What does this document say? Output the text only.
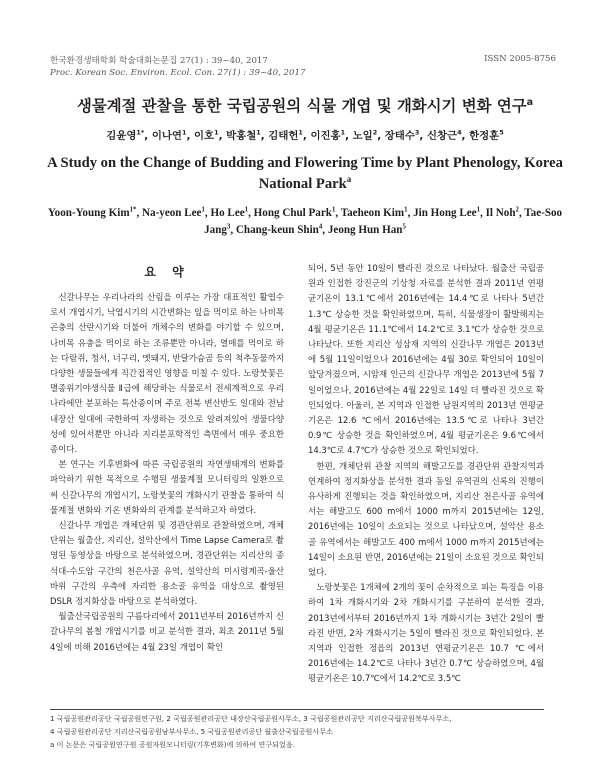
한국환경생태학회 학술대회논문집 27(1) : 39~40, 2017
Proc. Korean Soc. Environ. Ecol. Con. 27(1) : 39~40, 2017
ISSN 2005-8756
생물계절 관찰을 통한 국립공원의 식물 개엽 및 개화시기 변화 연구$^a$
김윤영$^{1*}$, 이나연$^1$, 이호$^1$, 박홍철$^1$, 김태헌$^1$, 이진홍$^1$, 노일$^2$, 장태수$^3$, 신창근$^4$, 한정훈$^5$
A Study on the Change of Budding and Flowering Time by Plant Phenology, Korea National Park$^a$
Yoon-Young Kim$^{1*}$, Na-yeon Lee$^1$, Ho Lee$^1$, Hong Chul Park$^1$, Taeheon Kim$^1$, Jin Hong Lee$^1$, Il Noh$^2$, Tae-Soo Jang$^3$, Chang-keun Shin$^4$, Jeong Hun Han$^5$
요 약

신갈나무는 우리나라의 산림을 이루는 가장 대표적인 활엽수로서 개엽시기, 낙엽시기의 시간변화는 잎을 먹이로 하는 나비목 곤충의 산란시기와 더불어 개체수의 변화를 야기할 수 있으며, 나비목 유충을 먹이로 하는 조류뿐만 아니라, 열매를 먹이로 하는 다람쥐, 청서, 너구리, 멧돼지, 반달가슴곰 등의 척추동물까지 다양한 생물들에게 직간접적인 영향을 미칠 수 있다. 노랑붓꽃은 멸종위기야생식물 Ⅱ급에 해당하는 식물로서 전세계적으로 우리나라에만 분포하는 특산종이며 주로 전북 변산반도 일대와 전남 내장산 일대에 국한하여 자생하는 것으로 알려져있어 생물다양성에 있어서뿐만 아니라 지리분포학적인 측면에서 매우 중요한 종이다.

본 연구는 기후변화에 따른 국립공원의 자연생태계의 변화를 파악하기 위한 목적으로 수행된 생물계절 모니터링의 일환으로써 신갈나무의 개엽시기, 노랑붓꽃의 개화시기 관찰을 통하여 식물계절 변화와 기온 변화와의 관계를 분석하고자 하였다.

신갈나무 개엽은 개체단위 및 경관단위로 관찰하였으며, 개체단위는 월출산, 지리산, 설악산에서 Time Lapse Camera로 촬영된 동영상을 바탕으로 분석하였으며, 경관단위는 지리산의 종석대-수도암 구간의 천은사골 유역, 설악산의 미시령계곡-울산바위 구간의 우측에 자리한 용소골 유역을 대상으로 촬영된 DSLR 정지화상을 바탕으로 분석하였다.

월출산국립공원의 구름다리에서 2011년부터 2016년까지 신갈나무의 봄철 개엽시기를 비교 분석한 결과, 최초 2011년 5월 4일에 비해 2016년에는 4월 23일 개엽이 확인

되어, 5년 동안 10일이 빨라진 것으로 나타났다. 월출산 국립공원과 인접한 강진군의 기상청 자료를 분석한 결과 2011년 연평균기온이 13.1℃에서 2016년에는 14.4℃로 나타나 5년간 1.3℃ 상승한 것을 확인하였으며, 특히, 식물생장이 활발해지는 4월 평균기온은 11.1℃에서 14.2℃로 3.1℃가 상승한 것으로 나타났다. 또한 지리산 성삼재 지역의 신갈나무 개엽은 2013년에 5월 11일이었으나 2016년에는 4월 30로 확인되어 10일이 앞당겨졌으며, 시암재 인근의 신갈나무 개엽은 2013년에 5월 7일이었으나, 2016년에는 4월 22일로 14일 더 빨라진 것으로 확인되었다. 아울러, 본 지역과 인접한 남원지역의 2013년 연평균기온은 12.6 ℃에서 2016년에는 13.5℃로 나타나 3년간 0.9℃ 상승한 것을 확인하였으며, 4월 평균기온은 9.6℃에서 14.3℃로 4.7℃가 상승한 것으로 확인되었다.

한편, 개체단위 관찰 지역의 해발고도를 경관단위 관찰지역과 연계하여 정지화상을 분석한 결과 동일 유역권의 신록의 진행이 유사하게 진행되는 것을 확인하였으며, 지리산 천은사골 유역에서는 해발고도 600 m에서 1000 m까지 2015년에는 12일, 2016년에는 10일이 소요되는 것으로 나타났으며, 설악산 용소골 유역에서는 해발고도 400 m에서 1000 m까지 2015년에는 14일이 소요된 반면, 2016년에는 21일이 소요된 것으로 확인되었다.

노랑붓꽃은 1개체에 2개의 꽃이 순차적으로 피는 특징을 이용하여 1차 개화시기와 2차 개화시기를 구분하여 분석한 결과, 2013년에서부터 2016년까지 1차 개화시기는 3년간 2일이 빨라진 반면, 2차 개화시기는 5일이 빨라진 것으로 확인되었다. 본 지역과 인접한 정읍의 2013년 연평균기온은 10.7 ℃에서 2016년에는 14.2℃로 나타나 3년간 0.7℃ 상승하였으며, 4월 평균기온은 10.7℃에서 14.2℃로 3.5℃

1 국립공원관리공단 국립공원연구원, 2 국립공원관리공단 내장산국립공원사무소, 3 국립공원관리공단 지리산국립공원북부사무소,
4 국립공원관리공단 지리산국립공원남부사무소, 5 국립공원관리공단 월출산국립공원사무소
a 이 논문은 국립공원연구원 공원자원모니터링(기후변화)에 의하여 연구되었음.
